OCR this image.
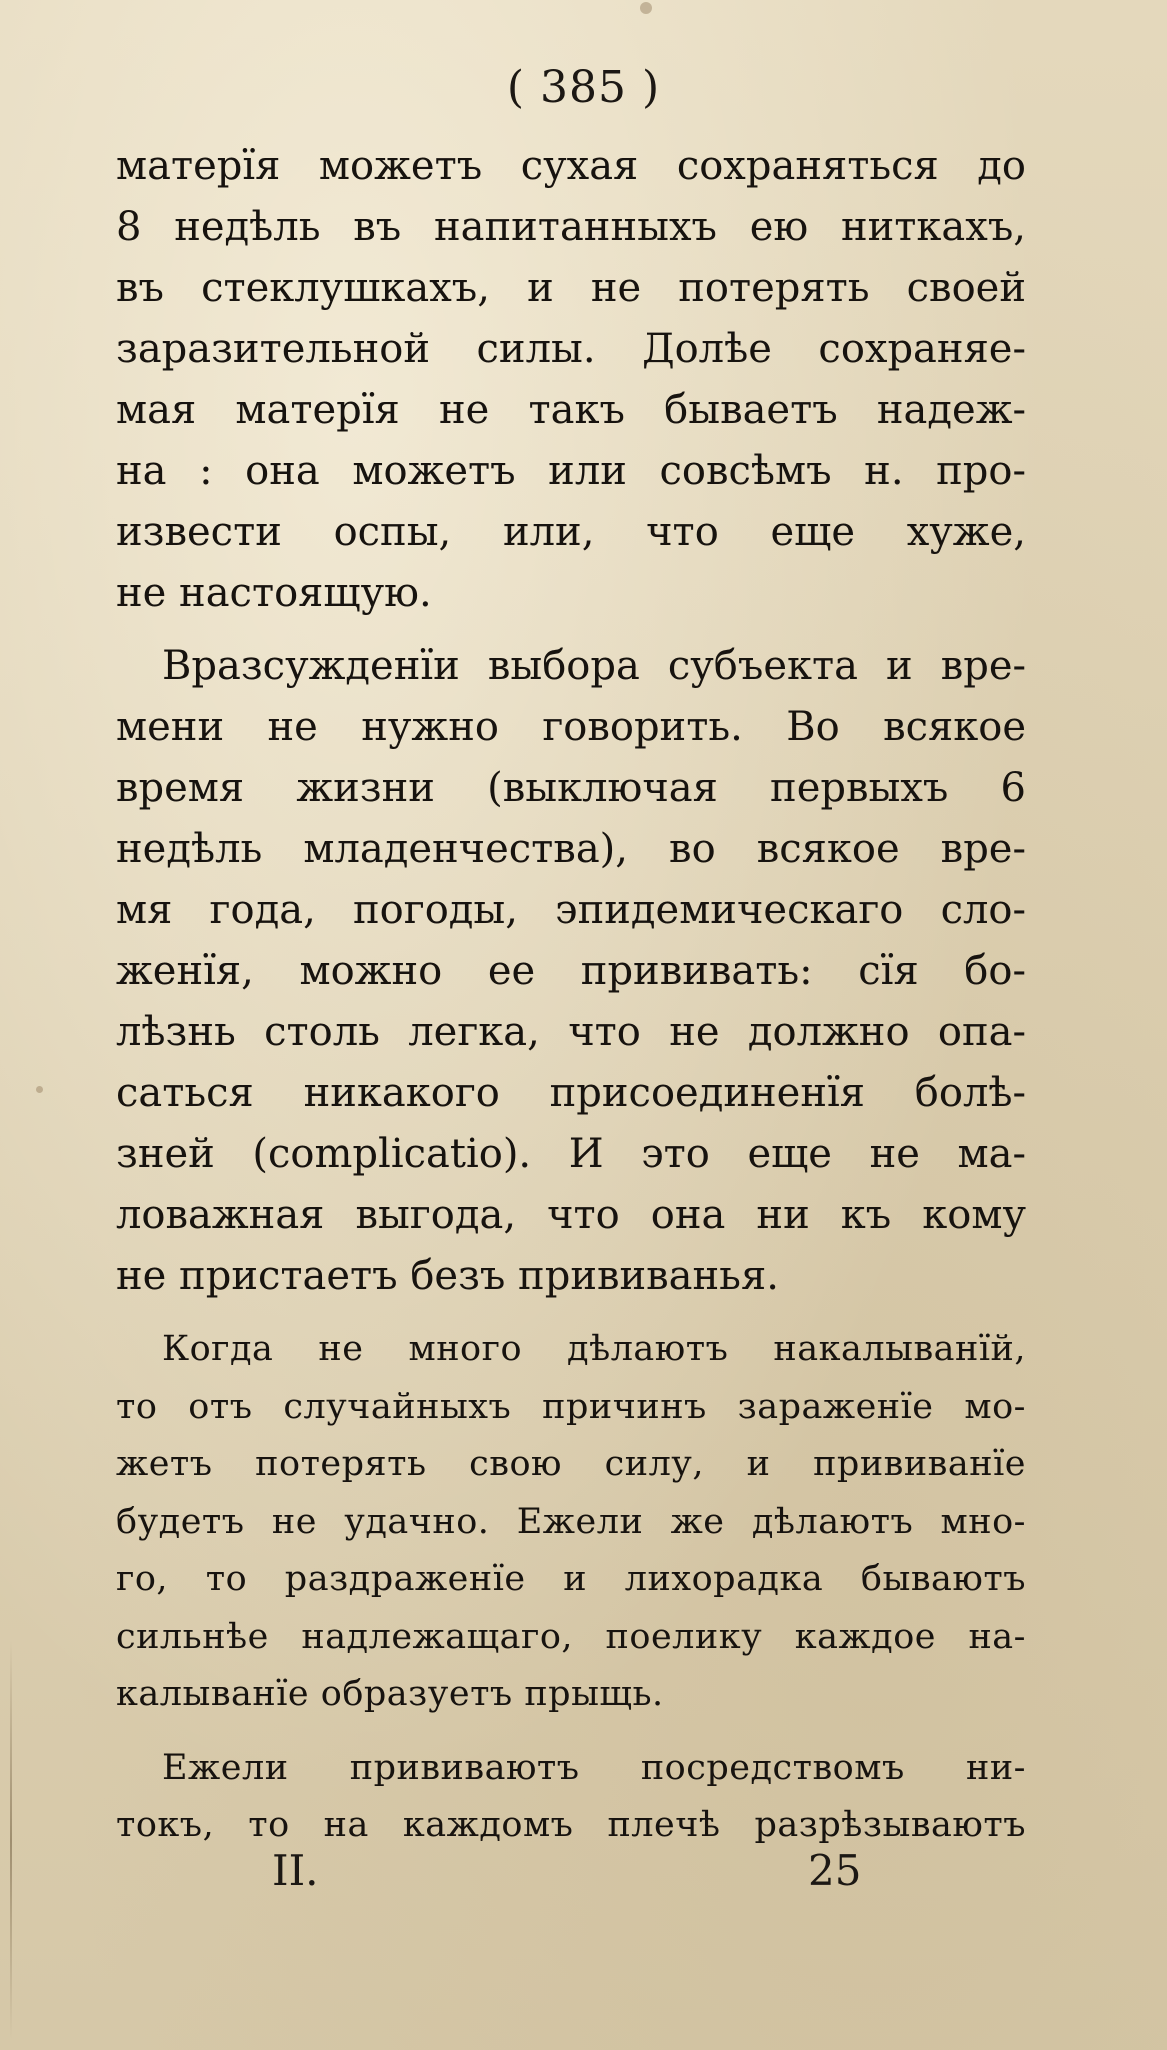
( 385 )
матерїя можетъ сухая сохраняться до
8 недѣль въ напитанныхъ ею ниткахъ,
въ стеклушкахъ, и не потерять своей
заразительной силы. Долѣе сохраняе-
мая матерїя не такъ бываетъ надеж-
на : она можетъ или совсѣмъ н. про-
извести оспы, или, что еще хуже,
не настоящую.
Вразсужденїи выбора субъекта и вре-
мени не нужно говорить. Во всякое
время жизни (выключая первыхъ 6
недѣль младенчества), во всякое вре-
мя года, погоды, эпидемическаго сло-
женїя, можно ее прививать: сїя бо-
лѣзнь столь легка, что не должно опа-
саться никакого присоединенїя болѣ-
зней (complicatio). И это еще не ма-
ловажная выгода, что она ни къ кому
не пристаетъ безъ прививанья.
Когда не много дѣлаютъ накалыванїй,
то отъ случайныхъ причинъ зараженїе мо-
жетъ потерять свою силу, и прививанїе
будетъ не удачно. Ежели же дѣлаютъ мно-
го, то раздраженїе и лихорадка бываютъ
сильнѣе надлежащаго, поелику каждое на-
калыванїе образуетъ прыщь.
Ежели прививаютъ посредствомъ ни-
токъ, то на каждомъ плечѣ разрѣзываютъ
II.	25
